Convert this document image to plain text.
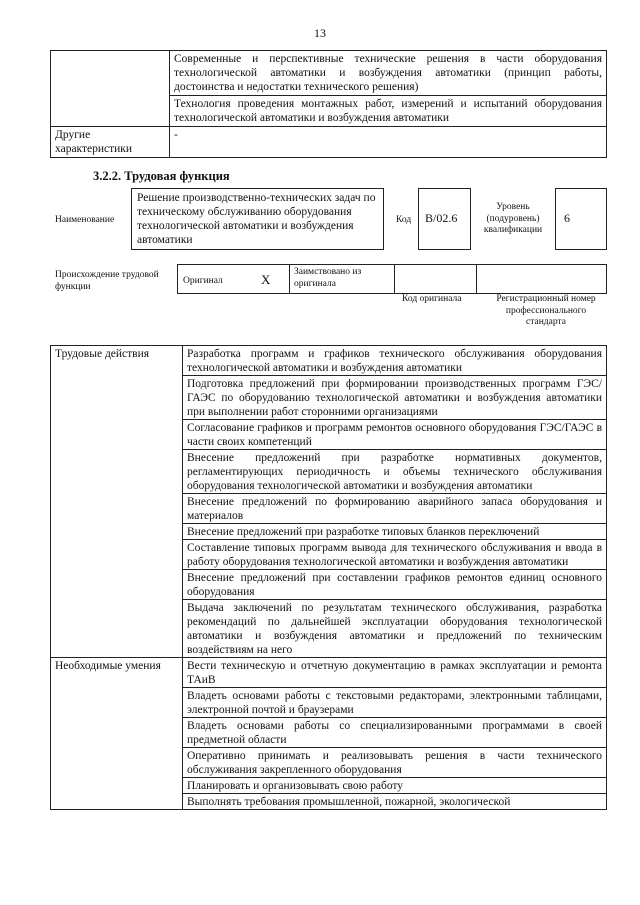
13
	Современные и перспективные технические решения в части оборудования технологической автоматики и возбуждения автоматики (принцип работы, достоинства и недостатки технического решения)
	Технология проведения монтажных работ, измерений и испытаний оборудования технологической автоматики и возбуждения автоматики
Другие характеристики	-
3.2.2. Трудовая функция
Наименование
Решение производственно-технических задач по техническому обслуживанию оборудования технологической автоматики и возбуждения автоматики
Код	B/02.6
Уровень (подуровень) квалификации
6
Происхождение трудовой функции
Оригинал	X Заимствовано из оригинала
Код оригинала	Регистрационный номер профессионального стандарта
Трудовые действия	Разработка программ и графиков технического обслуживания оборудования технологической автоматики и возбуждения автоматики
	Подготовка предложений при формировании производственных программ ГЭС/ГАЭС по оборудованию технологической автоматики и возбуждения автоматики при выполнении работ сторонними организациями
	Согласование графиков и программ ремонтов основного оборудования ГЭС/ГАЭС в части своих компетенций
	Внесение предложений при разработке нормативных документов, регламентирующих периодичность и объемы технического обслуживания оборудования технологической автоматики и возбуждения автоматики
	Внесение предложений по формированию аварийного запаса оборудования и материалов
	Внесение предложений при разработке типовых бланков переключений
	Составление типовых программ вывода для технического обслуживания и ввода в работу оборудования технологической автоматики и возбуждения автоматики
	Внесение предложений при составлении графиков ремонтов единиц основного оборудования
	Выдача заключений по результатам технического обслуживания, разработка рекомендаций по дальнейшей эксплуатации оборудования технологической автоматики и возбуждения автоматики и предложений по техническим воздействиям на него
Необходимые умения	Вести техническую и отчетную документацию в рамках эксплуатации и ремонта ТАиВ
	Владеть основами работы с текстовыми редакторами, электронными таблицами, электронной почтой и браузерами
	Владеть основами работы со специализированными программами в своей предметной области
	Оперативно принимать и реализовывать решения в части технического обслуживания закрепленного оборудования
	Планировать и организовывать свою работу
	Выполнять требования промышленной, пожарной, экологической
